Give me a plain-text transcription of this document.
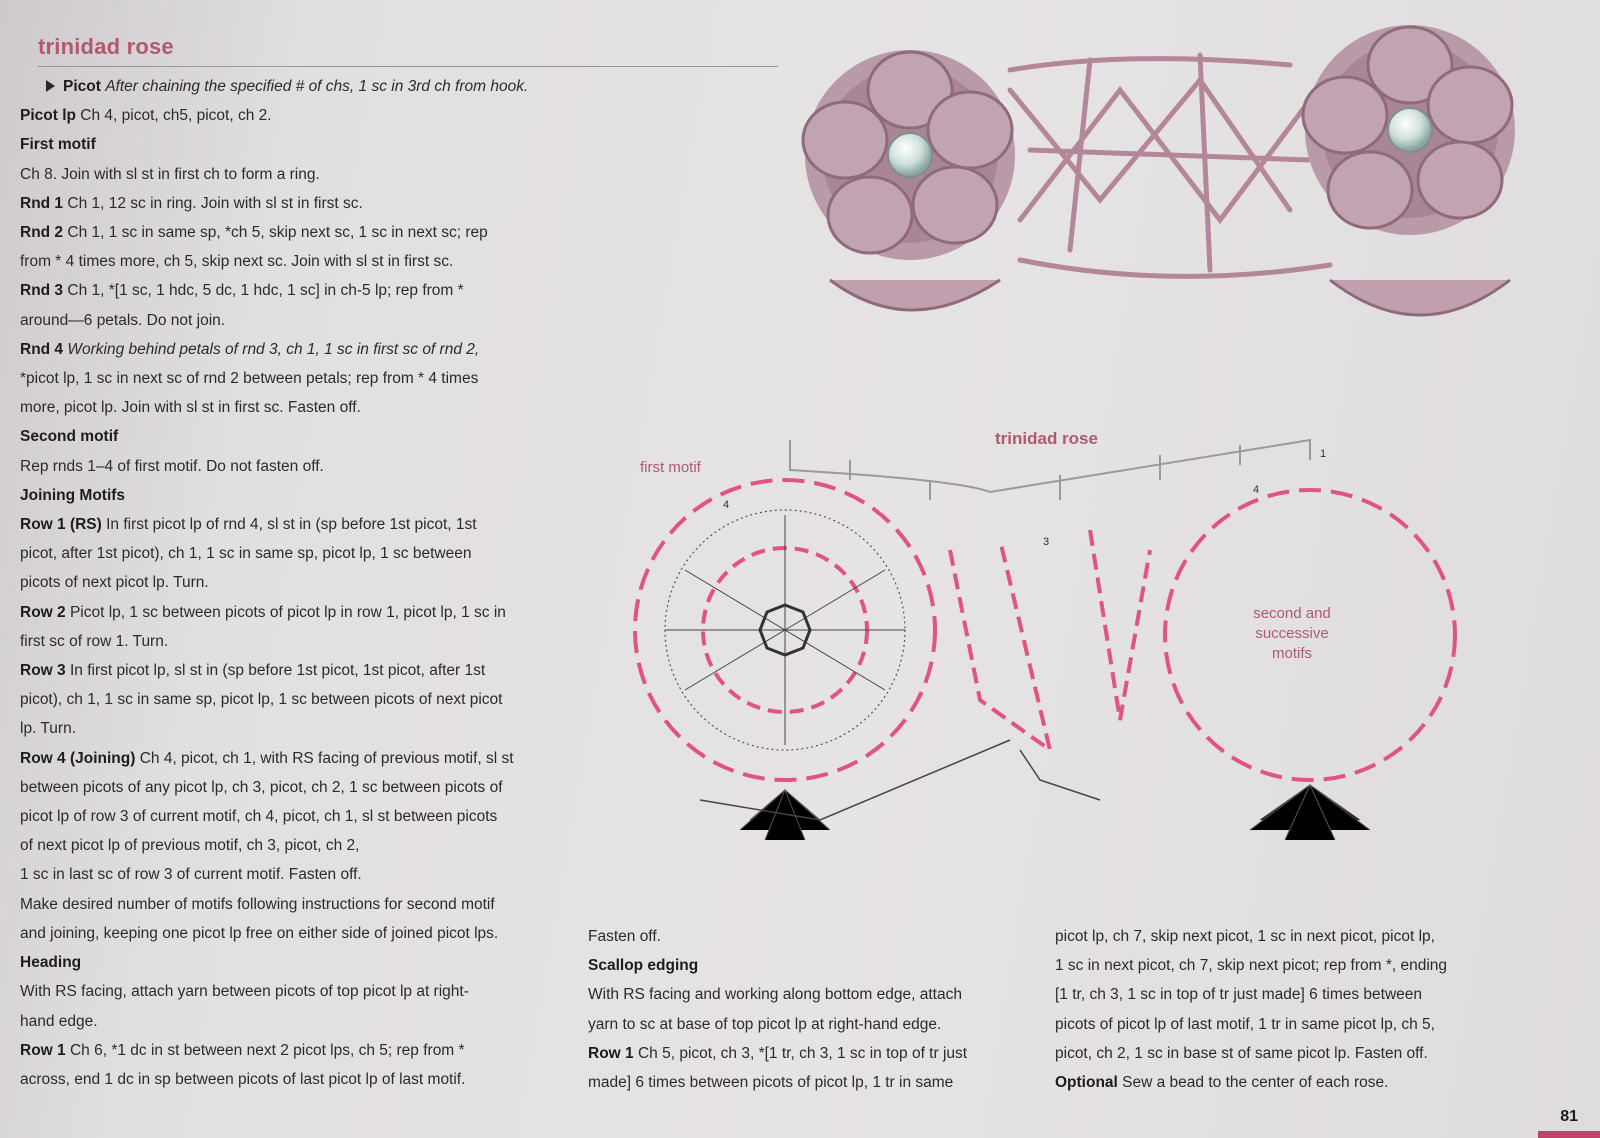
trinidad rose

Picot After chaining the specified # of chs, 1 sc in 3rd ch from hook.

Picot lp Ch 4, picot, ch5, picot, ch 2.

First motif

Ch 8. Join with sl st in first ch to form a ring.

Rnd 1 Ch 1, 12 sc in ring. Join with sl st in first sc.

Rnd 2 Ch 1, 1 sc in same sp, *ch 5, skip next sc, 1 sc in next sc; rep

from * 4 times more, ch 5, skip next sc. Join with sl st in first sc.

Rnd 3 Ch 1, *[1 sc, 1 hdc, 5 dc, 1 hdc, 1 sc] in ch-5 lp; rep from *

around—6 petals. Do not join.

Rnd 4 Working behind petals of rnd 3, ch 1, 1 sc in first sc of rnd 2,

*picot lp, 1 sc in next sc of rnd 2 between petals; rep from * 4 times

more, picot lp. Join with sl st in first sc. Fasten off.

Second motif

Rep rnds 1–4 of first motif. Do not fasten off.

Joining Motifs

Row 1 (RS) In first picot lp of rnd 4, sl st in (sp before 1st picot, 1st

picot, after 1st picot), ch 1, 1 sc in same sp, picot lp, 1 sc between

picots of next picot lp. Turn.

Row 2 Picot lp, 1 sc between picots of picot lp in row 1, picot lp, 1 sc in

first sc of row 1. Turn.

Row 3 In first picot lp, sl st in (sp before 1st picot, 1st picot, after 1st

picot), ch 1, 1 sc in same sp, picot lp, 1 sc between picots of next picot

lp. Turn.

Row 4 (Joining) Ch 4, picot, ch 1, with RS facing of previous motif, sl st

between picots of any picot lp, ch 3, picot, ch 2, 1 sc between picots of

picot lp of row 3 of current motif, ch 4, picot, ch 1, sl st between picots

of next picot lp of previous motif, ch 3, picot, ch 2,

1 sc in last sc of row 3 of current motif. Fasten off.

Make desired number of motifs following instructions for second motif

and joining, keeping one picot lp free on either side of joined picot lps.

Heading

With RS facing, attach yarn between picots of top picot lp at right-

hand edge.

Row 1 Ch 6, *1 dc in st between next 2 picot lps, ch 5; rep from *

across, end 1 dc in sp between picots of last picot lp of last motif.

Fasten off.

Scallop edging

With RS facing and working along bottom edge, attach

yarn to sc at base of top picot lp at right-hand edge.

Row 1 Ch 5, picot, ch 3, *[1 tr, ch 3, 1 sc in top of tr just

made] 6 times between picots of picot lp, 1 tr in same

picot lp, ch 7, skip next picot, 1 sc in next picot, picot lp,

1 sc in next picot, ch 7, skip next picot; rep from *, ending

[1 tr, ch 3, 1 sc in top of tr just made] 6 times between

picots of picot lp of last motif, 1 tr in same picot lp, ch 5,

picot, ch 2, 1 sc in base st of same picot lp. Fasten off.

Optional Sew a bead to the center of each rose.

trinidad rose
first motif
second and
successive
motifs
4
4
1
3
81
